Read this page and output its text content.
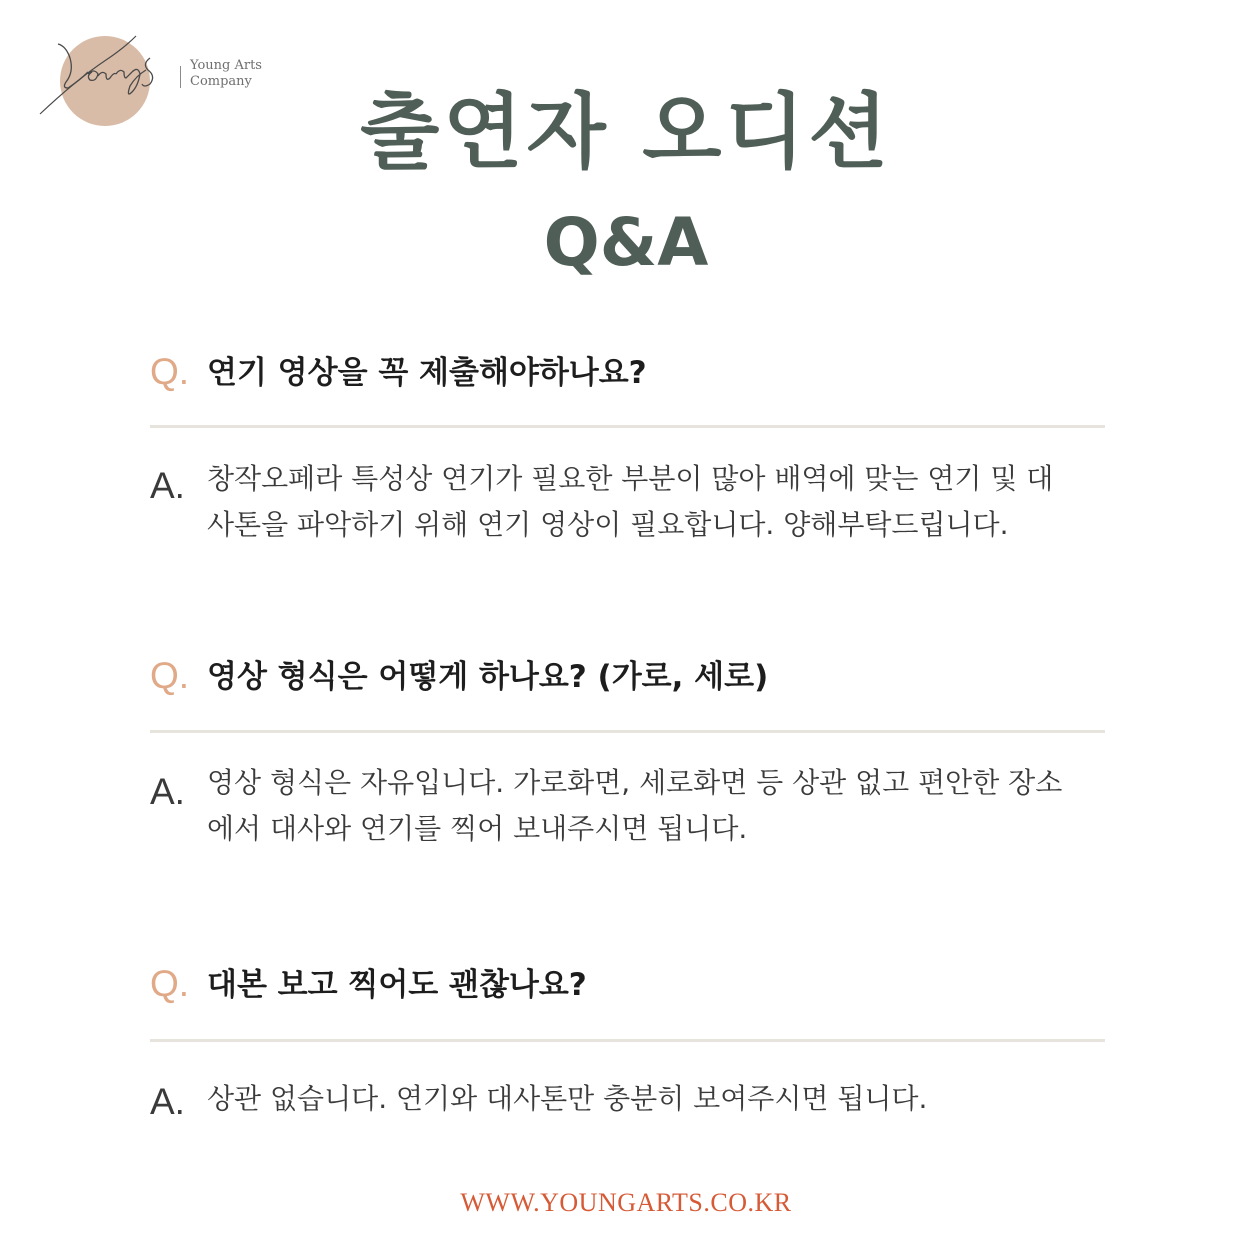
Young Arts
Company
출연자 오디션
Q&A
Q. 연기 영상을 꼭 제출해야하나요?
A. 창작오페라 특성상 연기가 필요한 부분이 많아 배역에 맞는 연기 및 대
사톤을 파악하기 위해 연기 영상이 필요합니다. 양해부탁드립니다.
Q. 영상 형식은 어떻게 하나요? (가로, 세로)
A. 영상 형식은 자유입니다. 가로화면, 세로화면 등 상관 없고 편안한 장소
에서 대사와 연기를 찍어 보내주시면 됩니다.
Q. 대본 보고 찍어도 괜찮나요?
A. 상관 없습니다. 연기와 대사톤만 충분히 보여주시면 됩니다.
WWW.YOUNGARTS.CO.KR
